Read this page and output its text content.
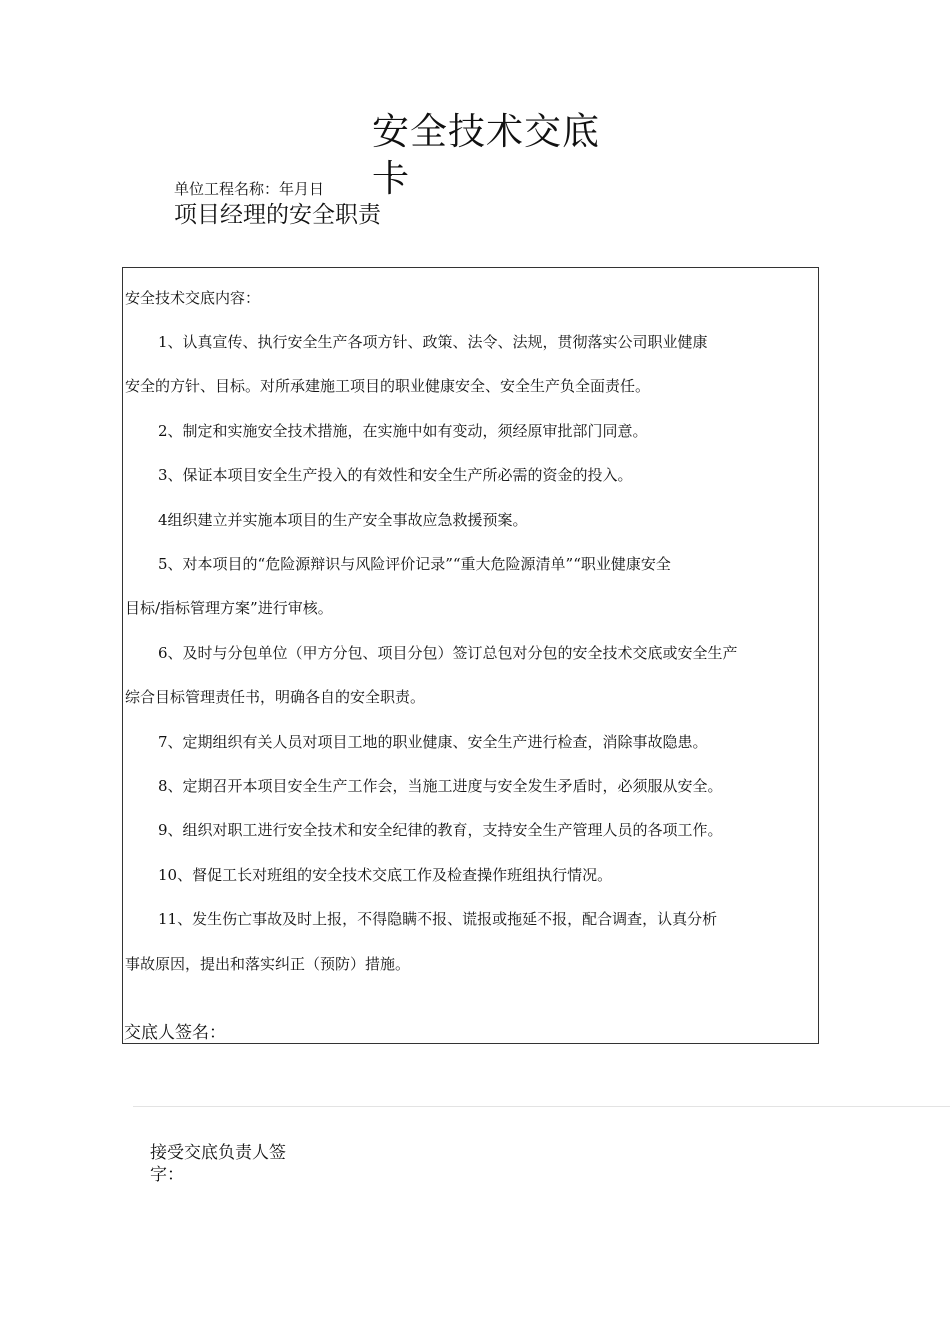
安全技术交底卡
单位工程名称：年月日
项目经理的安全职责
安全技术交底内容：
1、认真宣传、执行安全生产各项方针、政策、法令、法规，贯彻落实公司职业健康
安全的方针、目标。对所承建施工项目的职业健康安全、安全生产负全面责任。
2、制定和实施安全技术措施，在实施中如有变动，须经原审批部门同意。
3、保证本项目安全生产投入的有效性和安全生产所必需的资金的投入。
4组织建立并实施本项目的生产安全事故应急救援预案。
5、对本项目的“危险源辩识与风险评价记录”“重大危险源清单”“职业健康安全
目标/指标管理方案”进行审核。
6、及时与分包单位（甲方分包、项目分包）签订总包对分包的安全技术交底或安全生产
综合目标管理责任书，明确各自的安全职责。
7、定期组织有关人员对项目工地的职业健康、安全生产进行检查，消除事故隐患。
8、定期召开本项目安全生产工作会，当施工进度与安全发生矛盾时，必须服从安全。
9、组织对职工进行安全技术和安全纪律的教育，支持安全生产管理人员的各项工作。
10、督促工长对班组的安全技术交底工作及检查操作班组执行情况。
11、发生伤亡事故及时上报，不得隐瞒不报、谎报或拖延不报，配合调查，认真分析
事故原因，提出和落实纠正（预防）措施。
交底人签名：
接受交底负责人签字：
